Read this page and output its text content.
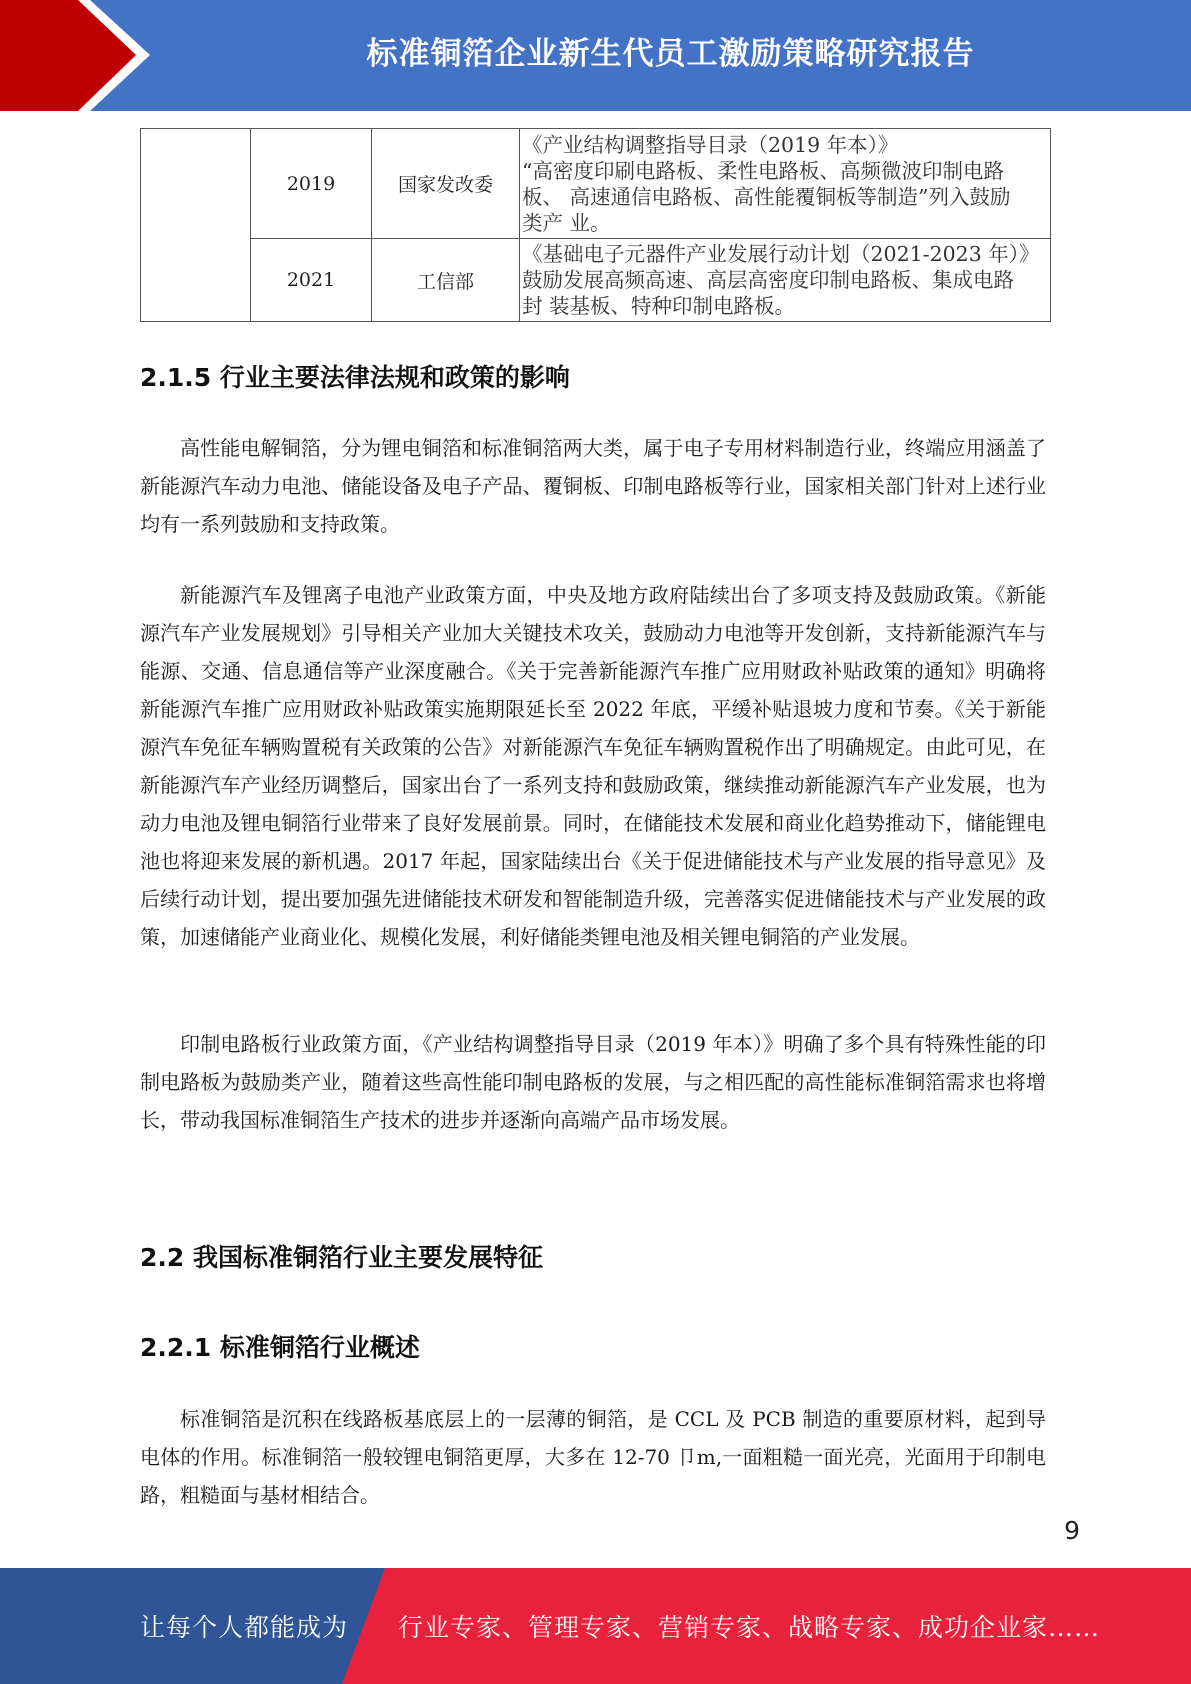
标准铜箔企业新生代员工激励策略研究报告
	2019	国家发改委	《产业结构调整指导目录（2019 年本）》
“高密度印刷电路板、柔性电路板、高频微波印制电路
板、 高速通信电路板、高性能覆铜板等制造”列入鼓励
类产 业。

	2021	工信部	《基础电子元器件产业发展行动计划（2021-2023 年）》
鼓励发展高频高速、高层高密度印制电路板、集成电路
封 装基板、特种印制电路板。
2.1.5 行业主要法律法规和政策的影响

高性能电解铜箔，分为锂电铜箔和标准铜箔两大类，属于电子专用材料制造行业，终端应用涵盖了新能源汽车动力电池、储能设备及电子产品、覆铜板、印制电路板等行业，国家相关部门针对上述行业均有一系列鼓励和支持政策。

新能源汽车及锂离子电池产业政策方面，中央及地方政府陆续出台了多项支持及鼓励政策。《新能源汽车产业发展规划》引导相关产业加大关键技术攻关，鼓励动力电池等开发创新，支持新能源汽车与能源、交通、信息通信等产业深度融合。《关于完善新能源汽车推广应用财政补贴政策的通知》明确将新能源汽车推广应用财政补贴政策实施期限延长至 2022 年底，平缓补贴退坡力度和节奏。《关于新能源汽车免征车辆购置税有关政策的公告》对新能源汽车免征车辆购置税作出了明确规定。由此可见，在新能源汽车产业经历调整后，国家出台了一系列支持和鼓励政策，继续推动新能源汽车产业发展，也为动力电池及锂电铜箔行业带来了良好发展前景。同时，在储能技术发展和商业化趋势推动下，储能锂电池也将迎来发展的新机遇。2017 年起，国家陆续出台《关于促进储能技术与产业发展的指导意见》及后续行动计划，提出要加强先进储能技术研发和智能制造升级，完善落实促进储能技术与产业发展的政策，加速储能产业商业化、规模化发展，利好储能类锂电池及相关锂电铜箔的产业发展。

印制电路板行业政策方面，《产业结构调整指导目录（2019 年本）》明确了多个具有特殊性能的印制电路板为鼓励类产业，随着这些高性能印制电路板的发展，与之相匹配的高性能标准铜箔需求也将增长，带动我国标准铜箔生产技术的进步并逐渐向高端产品市场发展。

2.2 我国标准铜箔行业主要发展特征
2.2.1 标准铜箔行业概述

标准铜箔是沉积在线路板基底层上的一层薄的铜箔，是 CCL 及 PCB 制造的重要原材料，起到导电体的作用。标准铜箔一般较锂电铜箔更厚，大多在 12-70 卩m,一面粗糙一面光亮，光面用于印制电路，粗糙面与基材相结合。

9
让每个人都能成为 行业专家、管理专家、营销专家、战略专家、成功企业家……
